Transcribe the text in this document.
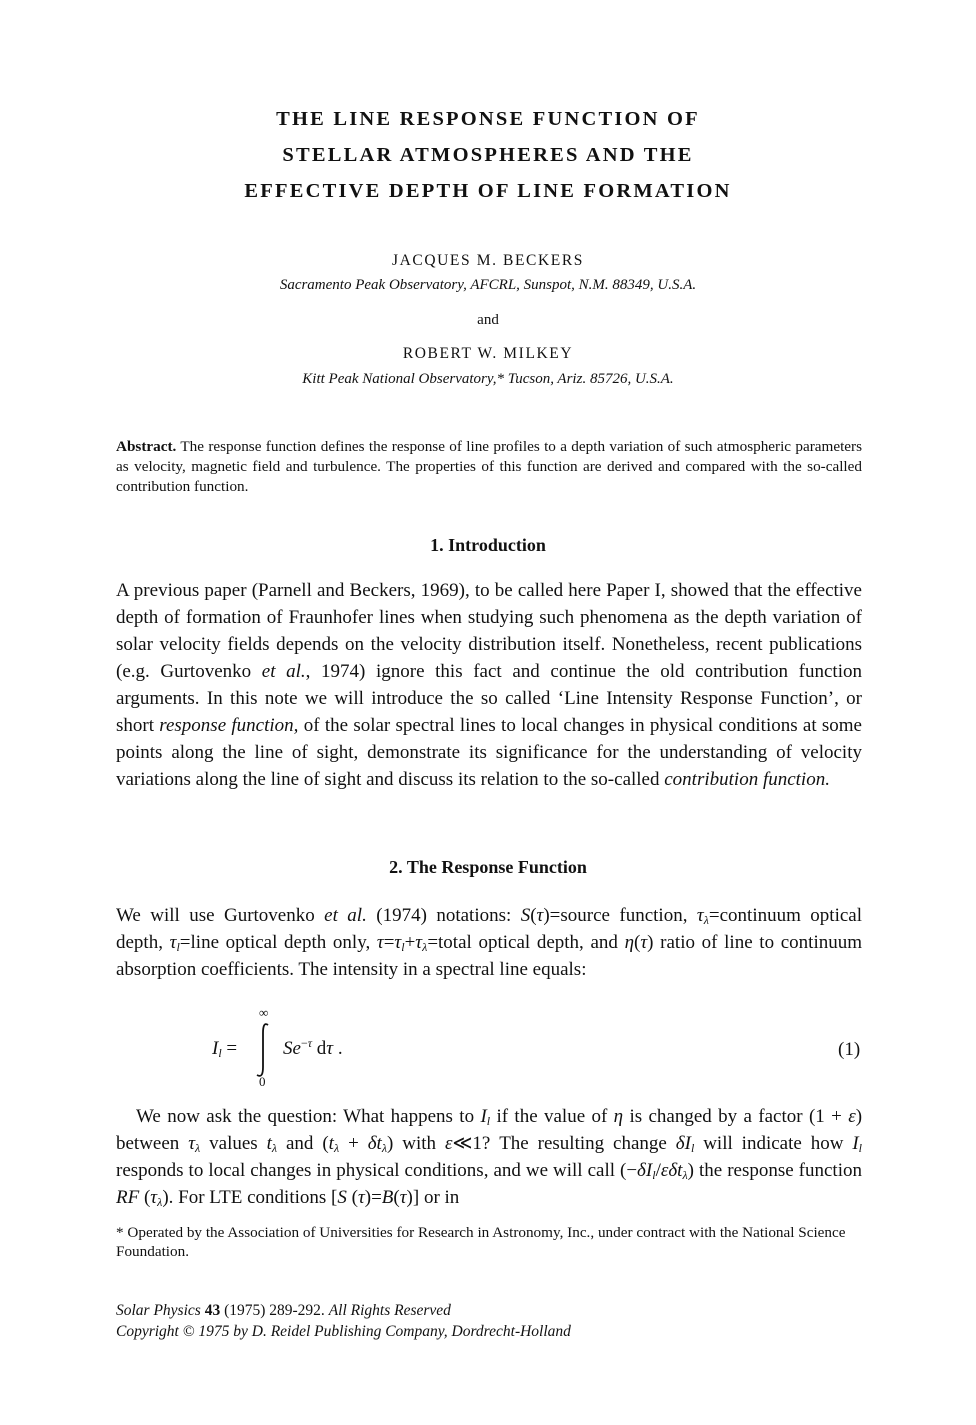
THE LINE RESPONSE FUNCTION OF
STELLAR ATMOSPHERES AND THE
EFFECTIVE DEPTH OF LINE FORMATION
JACQUES M. BECKERS
Sacramento Peak Observatory, AFCRL, Sunspot, N.M. 88349, U.S.A.
and
ROBERT W. MILKEY
Kitt Peak National Observatory,* Tucson, Ariz. 85726, U.S.A.
Abstract. The response function defines the response of line profiles to a depth variation of such atmospheric parameters as velocity, magnetic field and turbulence. The properties of this function are derived and compared with the so-called contribution function.
1. Introduction
A previous paper (Parnell and Beckers, 1969), to be called here Paper I, showed that the effective depth of formation of Fraunhofer lines when studying such phenomena as the depth variation of solar velocity fields depends on the velocity distribution itself. Nonetheless, recent publications (e.g. Gurtovenko et al., 1974) ignore this fact and continue the old contribution function arguments. In this note we will introduce the so called ‘Line Intensity Response Function’, or short response function, of the solar spectral lines to local changes in physical conditions at some points along the line of sight, demonstrate its significance for the understanding of velocity variations along the line of sight and discuss its relation to the so-called contribution function.
2. The Response Function
We will use Gurtovenko et al. (1974) notations: S(τ)=source function, $\tau_\lambda=continuum$ optical depth, $\tau_l=line$ optical depth only, $\tau=\tau_l+\tau_\lambda=total$ optical depth, and η(τ) ratio of line to continuum absorption coefficients. The intensity in a spectral line equals:
$I_l$ =
∞
0
$Se^{-\tau}$ dτ .	(1)
We now ask the question: What happens to $I_l$ if the value of η is changed by a factor (1 + ε) between $\tau_\lambda$ values $t_\lambda$ and $(t_\lambda + \delta t_\lambda)$ with ε≪1? The resulting change $\delta I_l$ will indicate how $I_l$ responds to local changes in physical conditions, and we will call $(-\delta I_l/\varepsilon\delta t_\lambda)$ the response function RF $(\tau_\lambda)$. For LTE conditions [S (τ)=B(τ)] or in
* Operated by the Association of Universities for Research in Astronomy, Inc., under contract with the National Science Foundation.
Solar Physics 43 (1975) 289-292. All Rights Reserved
Copyright © 1975 by D. Reidel Publishing Company, Dordrecht-Holland
